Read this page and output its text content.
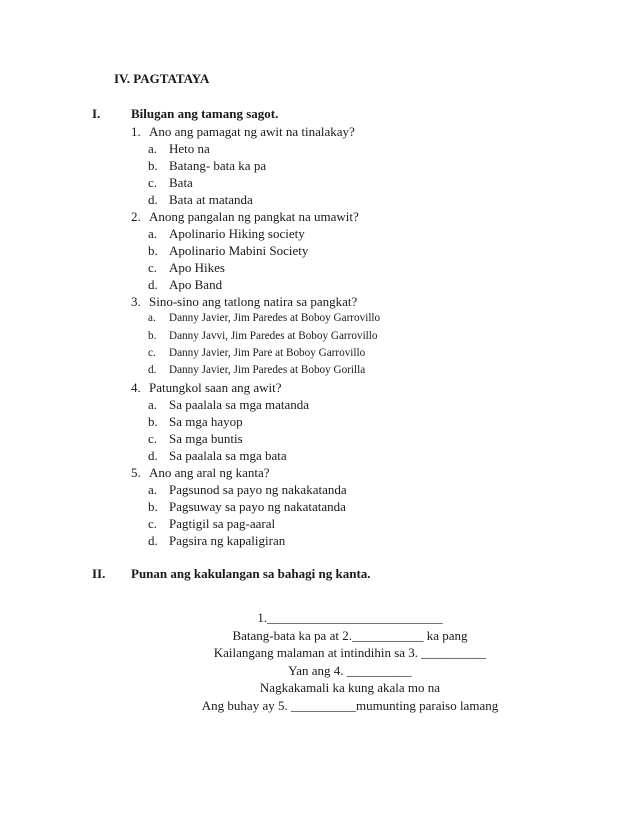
IV. PAGTATAYA
I. Bilugan ang tamang sagot.
1. Ano ang pamagat ng awit na tinalakay?
a. Heto na
b. Batang- bata ka pa
c. Bata
d. Bata at matanda
2. Anong pangalan ng pangkat na umawit?
a. Apolinario Hiking society
b. Apolinario Mabini Society
c. Apo Hikes
d. Apo Band
3. Sino-sino ang tatlong natira sa pangkat?
a. Danny Javier, Jim Paredes at Boboy Garrovillo
b. Danny Javvi, Jim Paredes at Boboy Garrovillo
c. Danny Javier, Jim Pare at Boboy Garrovillo
d. Danny Javier, Jim Paredes at Boboy Gorilla
4. Patungkol saan ang awit?
a. Sa paalala sa mga matanda
b. Sa mga hayop
c. Sa mga buntis
d. Sa paalala sa mga bata
5. Ano ang aral ng kanta?
a. Pagsunod sa payo ng nakakatanda
b. Pagsuway sa payo ng nakatatanda
c. Pagtigil sa pag-aaral
d. Pagsira ng kapaligiran
II. Punan ang kakulangan sa bahagi ng kanta.
1.___________________________
Batang-bata ka pa at 2.___________ ka pang
Kailangang malaman at intindihin sa 3. __________
Yan ang 4. __________
Nagkakamali ka kung akala mo na
Ang buhay ay 5. __________mumunting paraiso lamang
